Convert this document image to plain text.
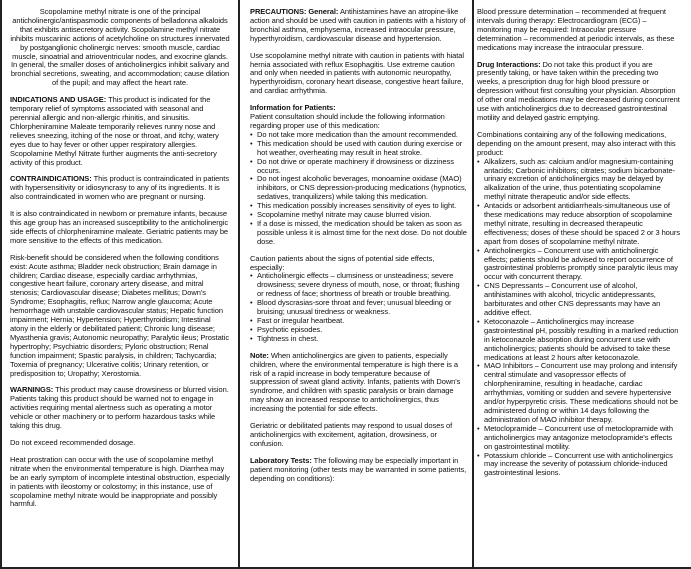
Scopolamine methyl nitrate is one of the principal anticholinergic/antispasmodic components of belladonna alkaloids that exhibits antisecretory activity. Scopolamine methyl nitrate inhibits muscarinic actions of acetylcholine on structures innervated by postganglionic cholinergic nerves: smooth muscle, cardiac muscle, sinoatrial and atrioventricular nodes, and exocrine glands. In general, the smaller doses of anticholinergics inhibit salivary and bronchial secretions, sweating, and accommodation; cause dilation of the pupil; and may affect the heart rate.

INDICATIONS AND USAGE: This product is indicated for the temporary relief of symptoms associated with seasonal and perennial allergic and non-allergic rhinitis, and sinusitis. Chlorpheniramine Maleate temporarily relieves runny nose and relieves sneezing, itching of the nose or throat, and itchy, watery eyes due to hay fever or other upper respiratory allergies. Scopolamine Methyl Nitrate further augments the anti-secretory activity of this product.

CONTRAINDICATIONS: This product is contraindicated in patients with hypersensitivity or idiosyncrasy to any of its ingredients. It is also contraindicated in women who are pregnant or nursing.

It is also contraindicated in newborn or premature infants, because this age group has an increased susceptibility to the anticholinergic side effects of chlorpheniramine maleate. Geriatric patients may be more sensitive to the effects of this medication.

Risk-benefit should be considered when the following conditions exist: Acute asthma; Bladder neck obstruction; Brain damage in children; Cardiac disease, especially cardiac arrhythmias, congestive heart failure, coronary artery disease, and mitral stenosis; Cardiovascular disease; Diabetes mellitus; Down's Syndrome; Esophagitis, reflux; Narrow angle glaucoma; Acute hemorrhage with unstable cardiovascular status; Hepatic function impairment; Hernia; Hypertension; Hyperthyroidism; Intestinal atony in the elderly or debilitated patient; Chronic lung disease; Myasthenia gravis; Autonomic neuropathy; Paralytic ileus; Prostatic hypertrophy; Psychiatric disorders; Pyloric obstruction; Renal function impairment; Spastic paralysis, in children; Tachycardia; Toxemia of pregnancy; Ulcerative colitis; Urinary retention, or predisposition to; Uropathy; Xerostomia.

WARNINGS: This product may cause drowsiness or blurred vision. Patients taking this product should be warned not to engage in activities requiring mental alertness such as operating a motor vehicle or other machinery or to perform hazardous tasks while taking this drug.

Do not exceed recommended dosage.

Heat prostration can occur with the use of scopolamine methyl nitrate when the environmental temperature is high. Diarrhea may be an early symptom of incomplete intestinal obstruction, especially in patients with ileostomy or colostomy; in this instance, use of scopolamine methyl nitrate would be inappropriate and possibly harmful.

PRECAUTIONS: General: Antihistamines have an atropine-like action and should be used with caution in patients with a history of bronchial asthma, emphysema, increased intraocular pressure, hyperthyroidism, cardiovascular disease and hypertension.

Use scopolamine methyl nitrate with caution in patients with hiatal hernia associated with reflux Esophagitis. Use extreme caution and only when needed in patients with autonomic neuropathy, hyperthyroidism, coronary heart disease, congestive heart failure, and cardiac arrhythmia.

Information for Patients:
Patient consultation should include the following information regarding proper use of this medication:
• Do not take more medication than the amount recommended.
• This medication should be used with caution during exercise or hot weather, overheating may result in heat stroke.
• Do not drive or operate machinery if drowsiness or dizziness occurs.
• Do not ingest alcoholic beverages, monoamine oxidase (MAO) inhibitors, or CNS depression-producing medications (hypnotics, sedatives, tranquilizers) while taking this medication.
• This medication possibly increases sensitivity of eyes to light.
• Scopolamine methyl nitrate may cause blurred vision.
• If a dose is missed, the medication should be taken as soon as possible unless it is almost time for the next dose. Do not double dose.
Caution patients about the signs of potential side effects, especially:
• Anticholinergic effects – clumsiness or unsteadiness; severe drowsiness; severe dryness of mouth, nose, or throat; flushing or redness of face; shortness of breath or trouble breathing.
• Blood dyscrasias-sore throat and fever; unusual bleeding or bruising; unusual tiredness or weakness.
• Fast or irregular heartbeat.
• Psychotic episodes.
• Tightness in chest.

Note: When anticholinergics are given to patients, especially children, where the environmental temperature is high there is a risk of a rapid increase in body temperature because of suppression of sweat gland activity. Infants, patients with Down's syndrome, and children with spastic paralysis or brain damage may show an increased response to anticholinergics, thus increasing the potential for side effects.

Geriatric or debilitated patients may respond to usual doses of anticholinergics with excitement, agitation, drowsiness, or confusion.

Laboratory Tests: The following may be especially important in patient monitoring (other tests may be warranted in some patients, depending on conditions):

Blood pressure determination – recommended at frequent intervals during therapy: Electrocardiogram (ECG) – monitoring may be required: Intraocular pressure determination – recommended at periodic intervals, as these medications may increase the intraocular pressure.

Drug Interactions: Do not take this product if you are presently taking, or have taken within the preceding two weeks, a prescription drug for high blood pressure or depression without first consulting your physician. Absorption of other oral medications may be decreased during concurrent use with anticholinergics due to decreased gastrointestinal motility and delayed gastric emptying.

Combinations containing any of the following medications, depending on the amount present, may also interact with this product:
• Alkalizers, such as: calcium and/or magnesium-containing antacids; Carbonic inhibitors; citrates; sodium bicarbonate-urinary excretion of anticholinergics may be delayed by alkalization of the urine, thus potentiating scopolamine methyl nitrate therapeutic and/or side effects.
• Antacids or adsorbent antidiarrheals-simultaneous use of these medications may reduce absorption of scopolamine methyl nitrate, resulting in decreased therapeutic effectiveness; doses of these should be spaced 2 or 3 hours apart from doses of scopolamine methyl nitrate.
• Anticholinergics – Concurrent use with anticholinergic effects; patients should be advised to report occurrence of gastrointestinal problems promptly since paralytic ileus may occur with concurrent therapy.
• CNS Depressants – Concurrent use of alcohol, antihistamines with alcohol, tricyclic antidepressants, barbiturates and other CNS depressants may have an additive effect.
• Ketoconazole – Anticholinergics may increase gastrointestinal pH, possibly resulting in a marked reduction in ketoconazole absorption during concurrent use with anticholinergics; patients should be advised to take these medications at least 2 hours after ketoconazole.
• MAO Inhibitors – Concurrent use may prolong and intensify central stimulate and vasopressor effects of chlorpheniramine, resulting in headache, cardiac arrhythmias, vomiting or sudden and severe hypertensive and/or hyperpyretic crisis. These medications should not be administered during or within 14 days following the administration of MAO inhibitor therapy.
• Metoclopramide – Concurrent use of metoclopramide with anticholinergics may antagonize metoclopramide's effects on gastrointestinal motility.
• Potassium chloride – Concurrent use with anticholinergics may increase the severity of potassium chloride-induced gastrointestinal lesions.
